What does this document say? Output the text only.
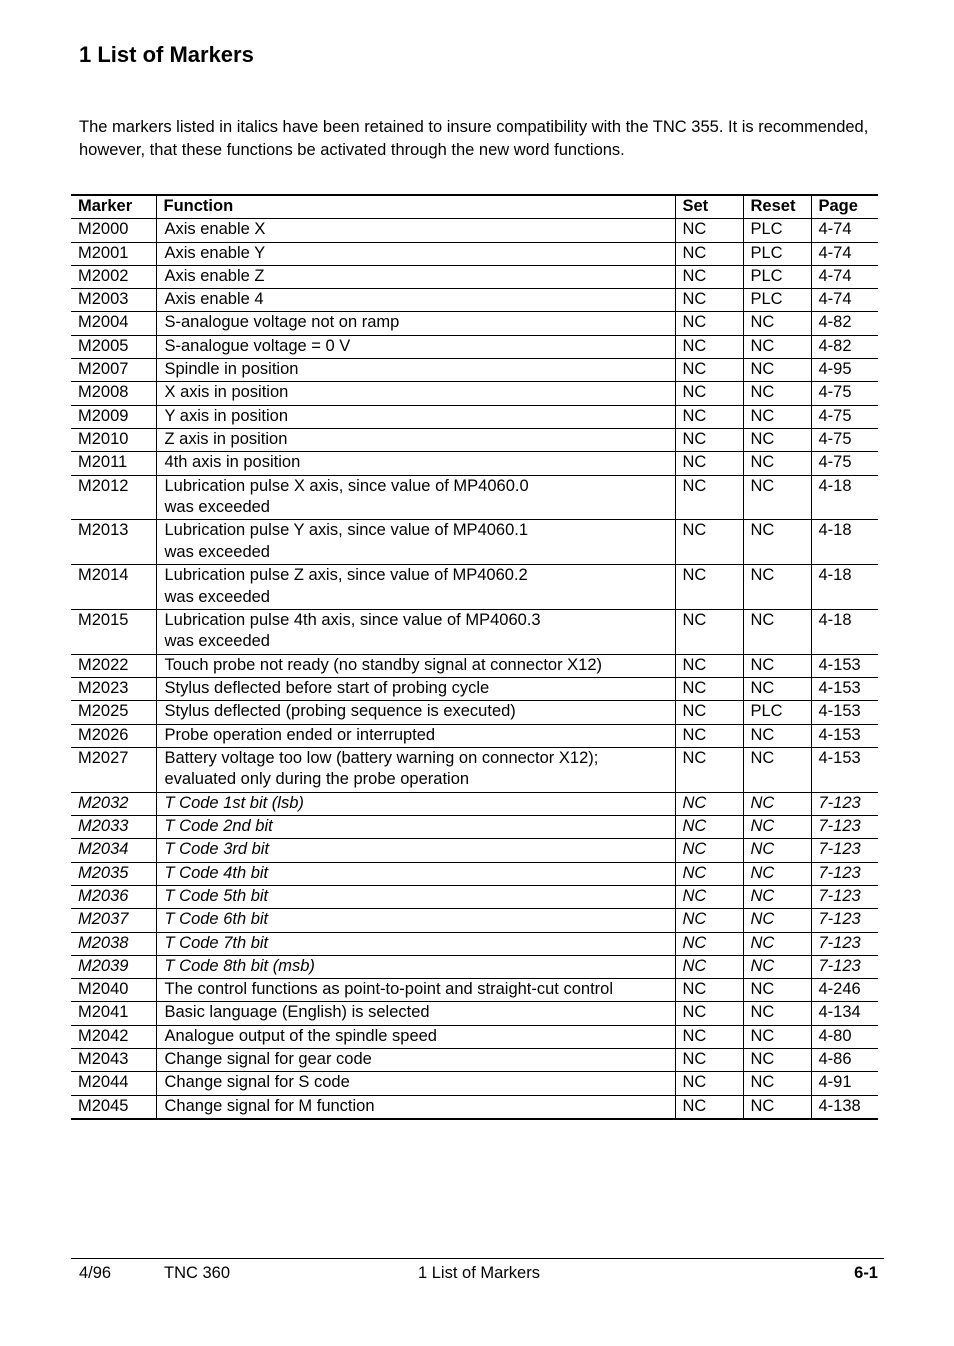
1 List of Markers

The markers listed in italics have been retained to insure compatibility with the TNC 355. It is recommended, however, that these functions be activated through the new word functions.

Marker	Function	Set	Reset	Page
M2000	Axis enable X	NC	PLC	4-74
M2001	Axis enable Y	NC	PLC	4-74
M2002	Axis enable Z	NC	PLC	4-74
M2003	Axis enable 4	NC	PLC	4-74
M2004	S-analogue voltage not on ramp	NC	NC	4-82
M2005	S-analogue voltage = 0 V	NC	NC	4-82
M2007	Spindle in position	NC	NC	4-95
M2008	X axis in position	NC	NC	4-75
M2009	Y axis in position	NC	NC	4-75
M2010	Z axis in position	NC	NC	4-75
M2011	4th axis in position	NC	NC	4-75
M2012	Lubrication pulse X axis, since value of MP4060.0
was exceeded	NC	NC	4-18
M2013	Lubrication pulse Y axis, since value of MP4060.1
was exceeded	NC	NC	4-18
M2014	Lubrication pulse Z axis, since value of MP4060.2
was exceeded	NC	NC	4-18
M2015	Lubrication pulse 4th axis, since value of MP4060.3
was exceeded	NC	NC	4-18
M2022	Touch probe not ready (no standby signal at connector X12)	NC	NC	4-153
M2023	Stylus deflected before start of probing cycle	NC	NC	4-153
M2025	Stylus deflected (probing sequence is executed)	NC	PLC	4-153
M2026	Probe operation ended or interrupted	NC	NC	4-153
M2027	Battery voltage too low (battery warning on connector X12);
evaluated only during the probe operation	NC	NC	4-153
M2032	T Code 1st bit (lsb)	NC	NC	7-123
M2033	T Code 2nd bit	NC	NC	7-123
M2034	T Code 3rd bit	NC	NC	7-123
M2035	T Code 4th bit	NC	NC	7-123
M2036	T Code 5th bit	NC	NC	7-123
M2037	T Code 6th bit	NC	NC	7-123
M2038	T Code 7th bit	NC	NC	7-123
M2039	T Code 8th bit (msb)	NC	NC	7-123
M2040	The control functions as point-to-point and straight-cut control	NC	NC	4-246
M2041	Basic language (English) is selected	NC	NC	4-134
M2042	Analogue output of the spindle speed	NC	NC	4-80
M2043	Change signal for gear code	NC	NC	4-86
M2044	Change signal for S code	NC	NC	4-91
M2045	Change signal for M function	NC	NC	4-138
4/96	TNC 360	1 List of Markers	6-1
